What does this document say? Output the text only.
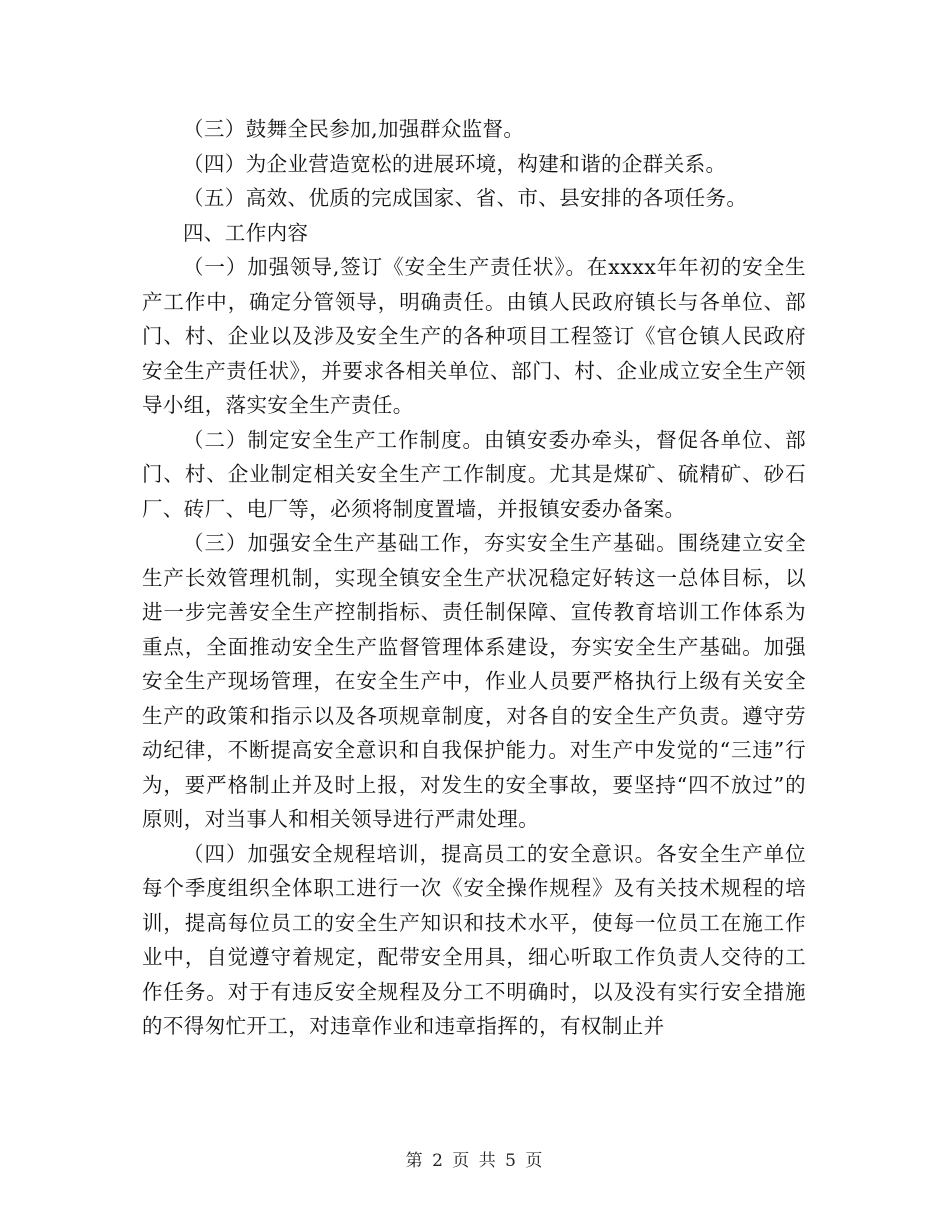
（三）鼓舞全民参加,加强群众监督。

（四）为企业营造宽松的进展环境，构建和谐的企群关系。

（五）高效、优质的完成国家、省、市、县安排的各项任务。

四、工作内容

（一）加强领导,签订《安全生产责任状》。在xxxx年年初的安全生产工作中，确定分管领导，明确责任。由镇人民政府镇长与各单位、部门、村、企业以及涉及安全生产的各种项目工程签订《官仓镇人民政府安全生产责任状》，并要求各相关单位、部门、村、企业成立安全生产领导小组，落实安全生产责任。

（二）制定安全生产工作制度。由镇安委办牵头，督促各单位、部门、村、企业制定相关安全生产工作制度。尤其是煤矿、硫精矿、砂石厂、砖厂、电厂等，必须将制度置墙，并报镇安委办备案。

（三）加强安全生产基础工作，夯实安全生产基础。围绕建立安全生产长效管理机制，实现全镇安全生产状况稳定好转这一总体目标，以进一步完善安全生产控制指标、责任制保障、宣传教育培训工作体系为重点，全面推动安全生产监督管理体系建设，夯实安全生产基础。加强安全生产现场管理，在安全生产中，作业人员要严格执行上级有关安全生产的政策和指示以及各项规章制度，对各自的安全生产负责。遵守劳动纪律，不断提高安全意识和自我保护能力。对生产中发觉的“三违”行为，要严格制止并及时上报，对发生的安全事故，要坚持“四不放过”的原则，对当事人和相关领导进行严肃处理。

（四）加强安全规程培训，提高员工的安全意识。各安全生产单位每个季度组织全体职工进行一次《安全操作规程》及有关技术规程的培训，提高每位员工的安全生产知识和技术水平，使每一位员工在施工作业中，自觉遵守着规定，配带安全用具，细心听取工作负责人交待的工作任务。对于有违反安全规程及分工不明确时，以及没有实行安全措施的不得匆忙开工，对违章作业和违章指挥的，有权制止并

第 2 页 共 5 页
